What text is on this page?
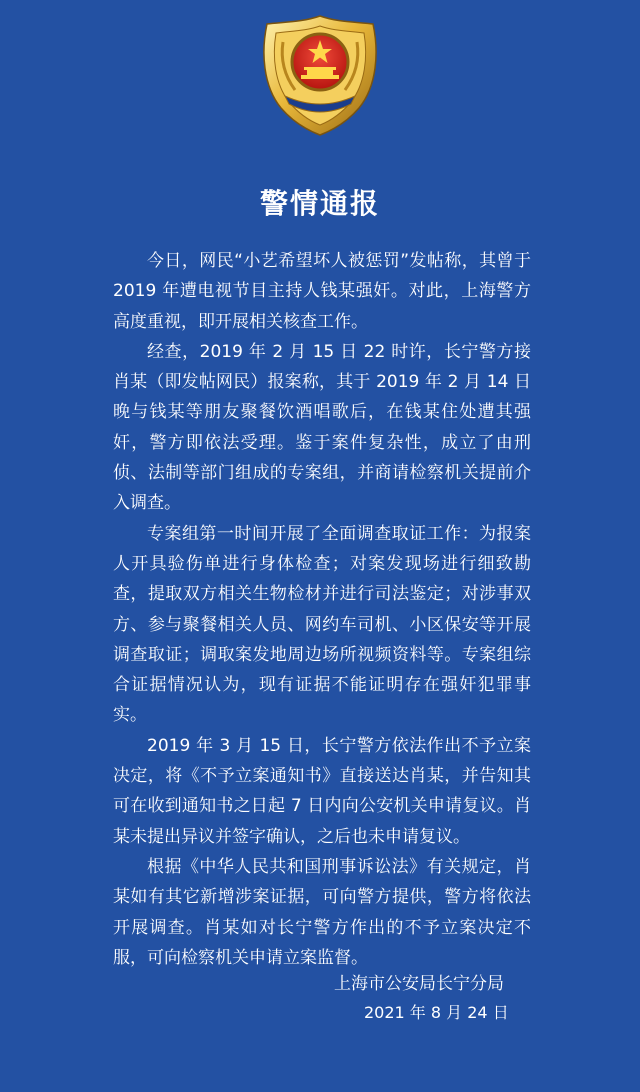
警情通报

今日，网民“小艺希望坏人被惩罚”发帖称，其曾于 2019 年遭电视节目主持人钱某强奸。对此，上海警方高度重视，即开展相关核查工作。

经查，2019 年 2 月 15 日 22 时许，长宁警方接肖某（即发帖网民）报案称，其于 2019 年 2 月 14 日晚与钱某等朋友聚餐饮酒唱歌后，在钱某住处遭其强奸，警方即依法受理。鉴于案件复杂性，成立了由刑侦、法制等部门组成的专案组，并商请检察机关提前介入调查。

专案组第一时间开展了全面调查取证工作：为报案人开具验伤单进行身体检查；对案发现场进行细致勘查，提取双方相关生物检材并进行司法鉴定；对涉事双方、参与聚餐相关人员、网约车司机、小区保安等开展调查取证；调取案发地周边场所视频资料等。专案组综合证据情况认为，现有证据不能证明存在强奸犯罪事实。

2019 年 3 月 15 日，长宁警方依法作出不予立案决定，将《不予立案通知书》直接送达肖某，并告知其可在收到通知书之日起 7 日内向公安机关申请复议。肖某未提出异议并签字确认，之后也未申请复议。

根据《中华人民共和国刑事诉讼法》有关规定，肖某如有其它新增涉案证据，可向警方提供，警方将依法开展调查。肖某如对长宁警方作出的不予立案决定不服，可向检察机关申请立案监督。

上海市公安局长宁分局
2021 年 8 月 24 日
